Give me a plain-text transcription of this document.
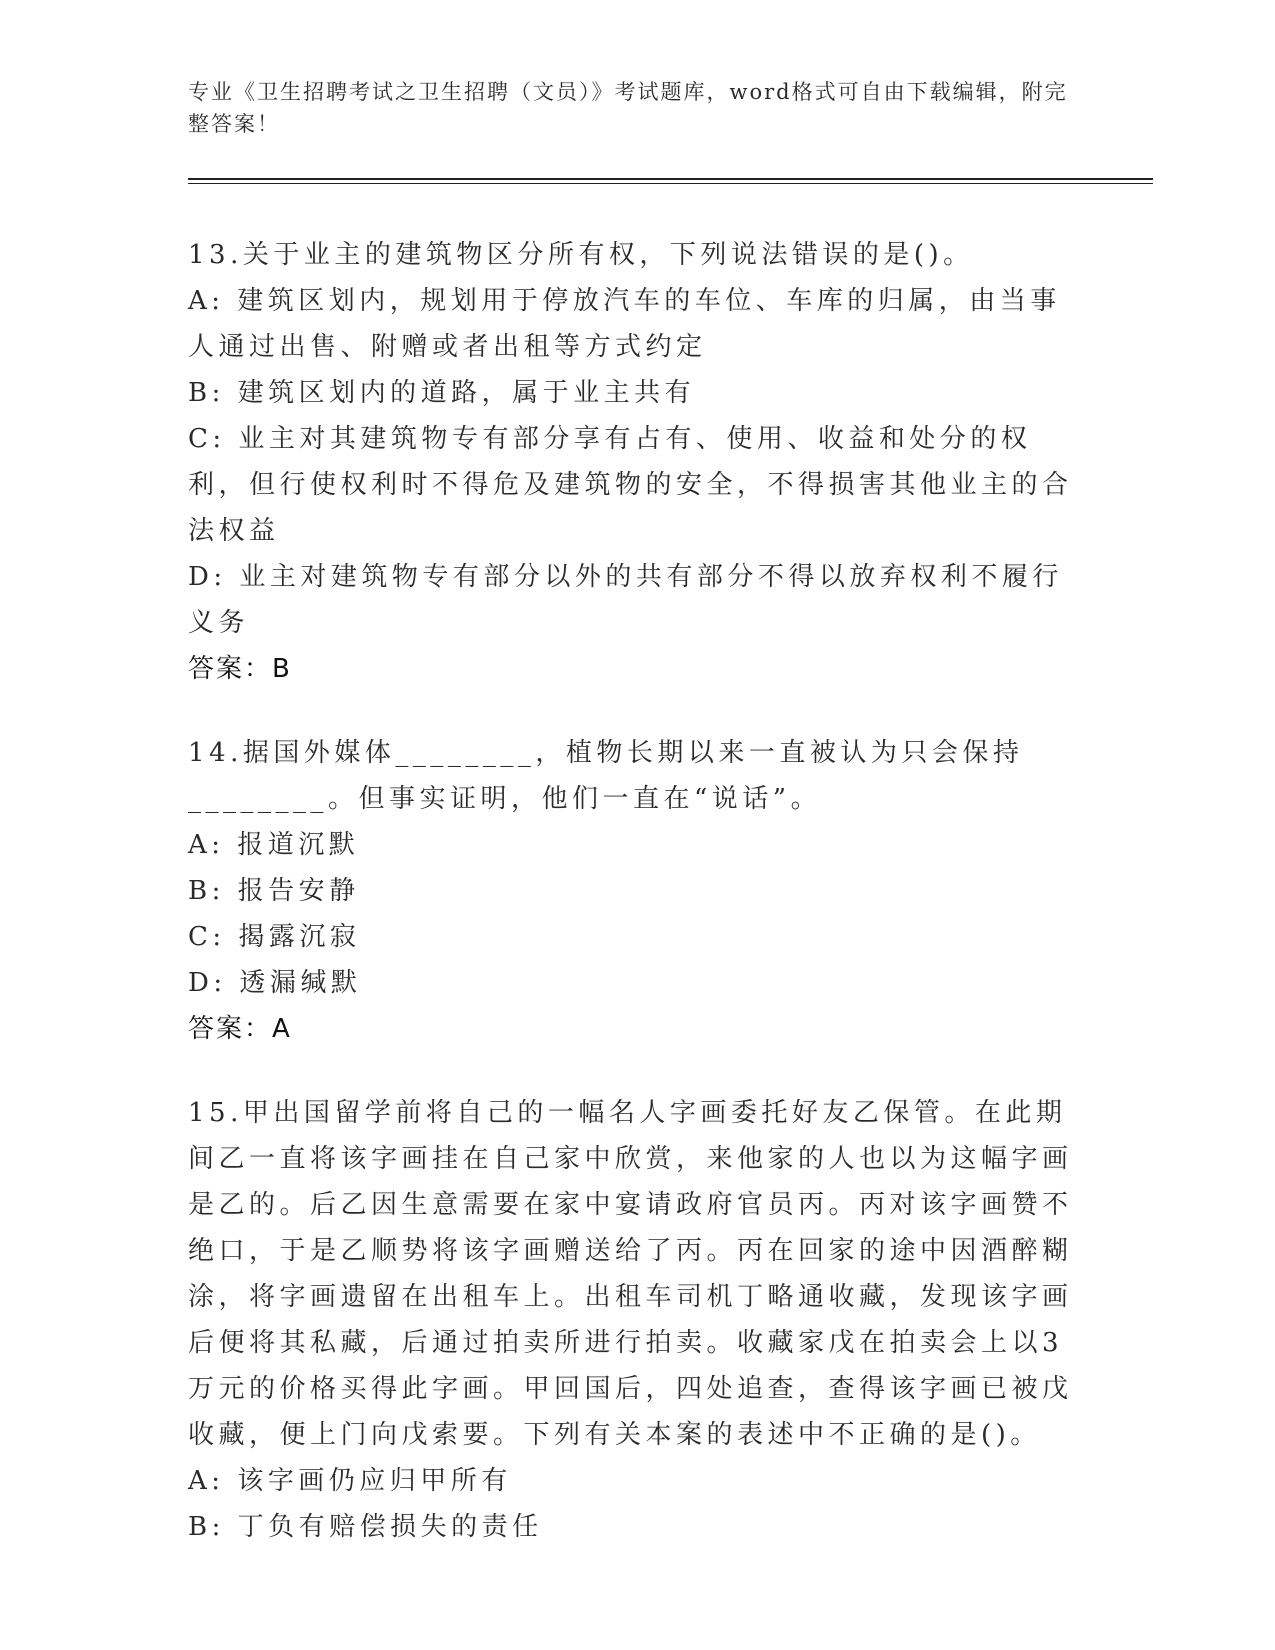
专业《卫生招聘考试之卫生招聘（文员）》考试题库，word格式可自由下载编辑，附完整答案！
13.关于业主的建筑物区分所有权，下列说法错误的是()。
A: 建筑区划内，规划用于停放汽车的车位、车库的归属，由当事人通过出售、附赠或者出租等方式约定
B: 建筑区划内的道路，属于业主共有
C: 业主对其建筑物专有部分享有占有、使用、收益和处分的权利，但行使权利时不得危及建筑物的安全，不得损害其他业主的合法权益
D: 业主对建筑物专有部分以外的共有部分不得以放弃权利不履行义务
答案：B
14.据国外媒体________，植物长期以来一直被认为只会保持________。但事实证明，他们一直在“说话”。
A: 报道沉默
B: 报告安静
C: 揭露沉寂
D: 透漏缄默
答案：A
15.甲出国留学前将自己的一幅名人字画委托好友乙保管。在此期间乙一直将该字画挂在自己家中欣赏，来他家的人也以为这幅字画是乙的。后乙因生意需要在家中宴请政府官员丙。丙对该字画赞不绝口，于是乙顺势将该字画赠送给了丙。丙在回家的途中因酒醉糊涂，将字画遗留在出租车上。出租车司机丁略通收藏，发现该字画后便将其私藏，后通过拍卖所进行拍卖。收藏家戊在拍卖会上以3万元的价格买得此字画。甲回国后，四处追查，查得该字画已被戊收藏，便上门向戊索要。下列有关本案的表述中不正确的是()。
A: 该字画仍应归甲所有
B: 丁负有赔偿损失的责任
